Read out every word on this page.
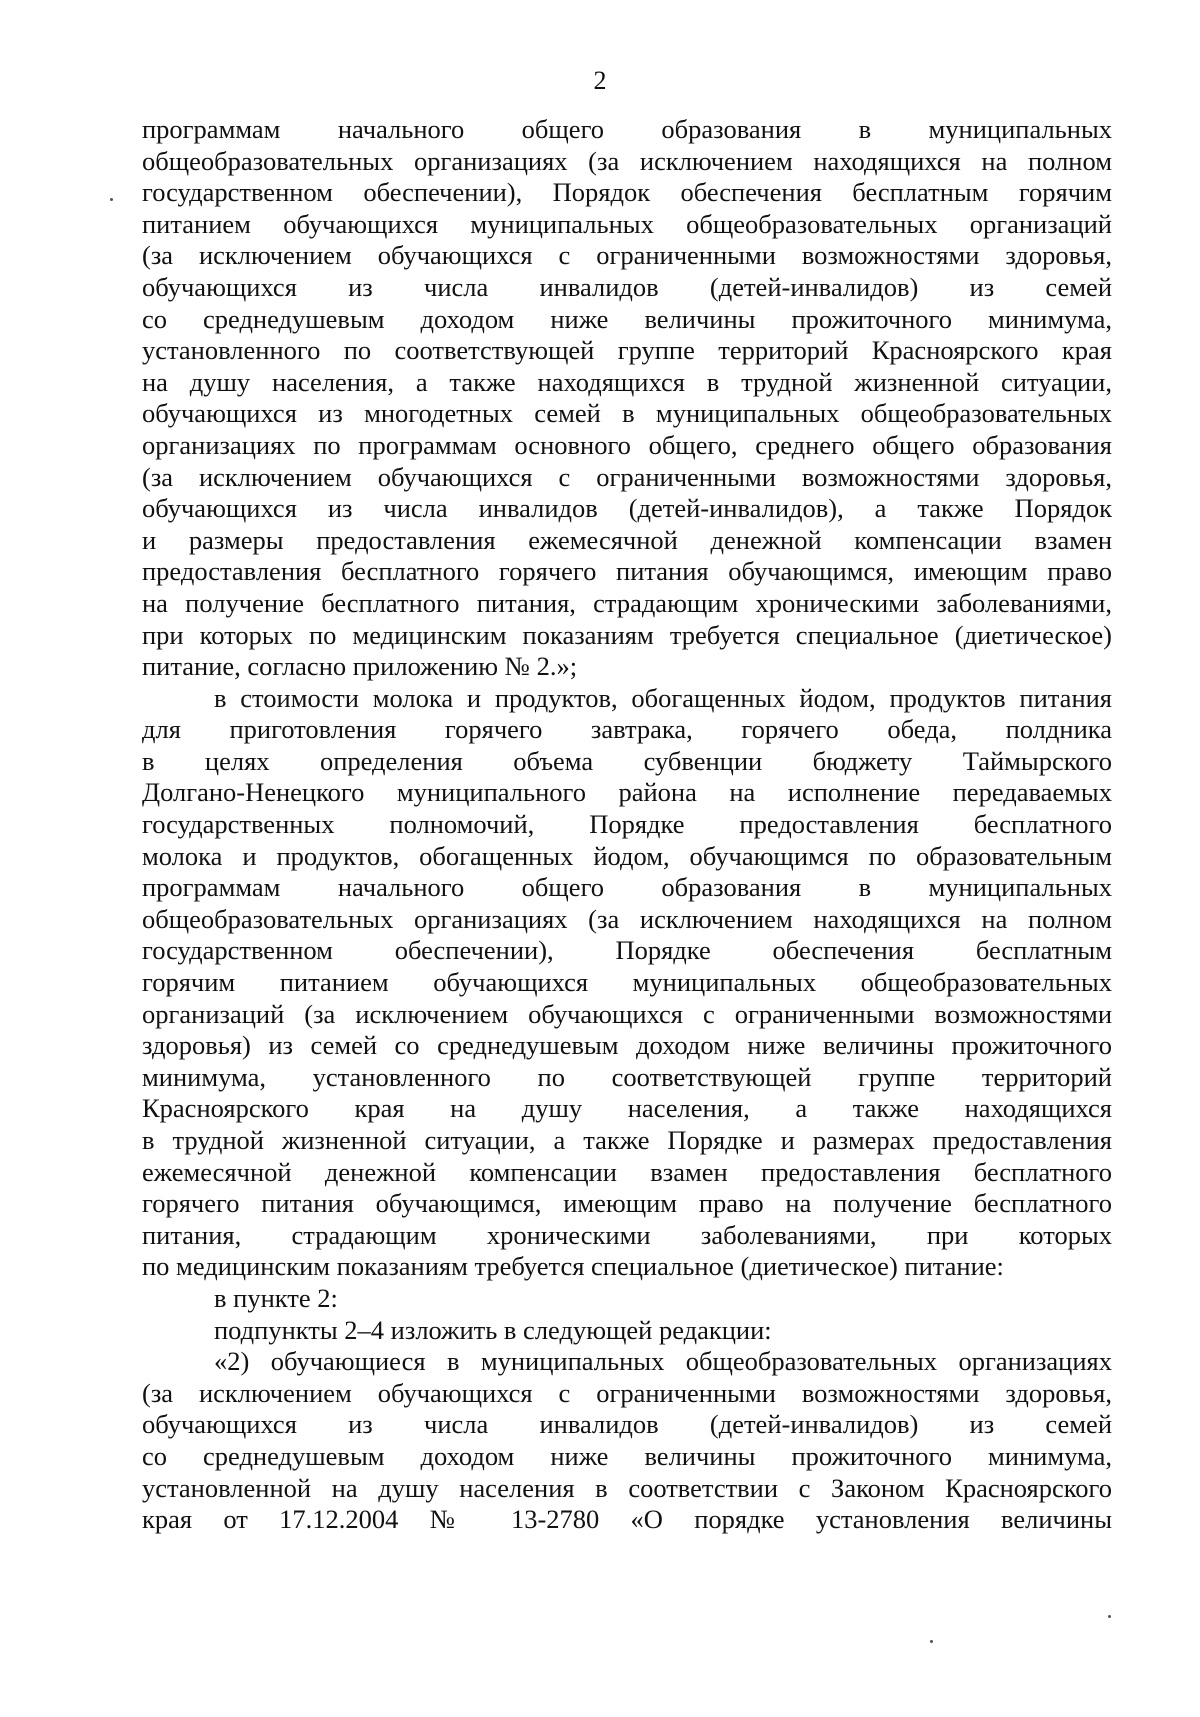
2
программам начального общего образования в муниципальных
общеобразовательных организациях (за исключением находящихся на полном
государственном обеспечении), Порядок обеспечения бесплатным горячим
питанием обучающихся муниципальных общеобразовательных организаций
(за исключением обучающихся с ограниченными возможностями здоровья,
обучающихся из числа инвалидов (детей-инвалидов) из семей
со среднедушевым доходом ниже величины прожиточного минимума,
установленного по соответствующей группе территорий Красноярского края
на душу населения, а также находящихся в трудной жизненной ситуации,
обучающихся из многодетных семей в муниципальных общеобразовательных
организациях по программам основного общего, среднего общего образования
(за исключением обучающихся с ограниченными возможностями здоровья,
обучающихся из числа инвалидов (детей-инвалидов), а также Порядок
и размеры предоставления ежемесячной денежной компенсации взамен
предоставления бесплатного горячего питания обучающимся, имеющим право
на получение бесплатного питания, страдающим хроническими заболеваниями,
при которых по медицинским показаниям требуется специальное (диетическое)
питание, согласно приложению № 2.»;
в стоимости молока и продуктов, обогащенных йодом, продуктов питания
для приготовления горячего завтрака, горячего обеда, полдника
в целях определения объема субвенции бюджету Таймырского
Долгано-Ненецкого муниципального района на исполнение передаваемых
государственных полномочий, Порядке предоставления бесплатного
молока и продуктов, обогащенных йодом, обучающимся по образовательным
программам начального общего образования в муниципальных
общеобразовательных организациях (за исключением находящихся на полном
государственном обеспечении), Порядке обеспечения бесплатным
горячим питанием обучающихся муниципальных общеобразовательных
организаций (за исключением обучающихся с ограниченными возможностями
здоровья) из семей со среднедушевым доходом ниже величины прожиточного
минимума, установленного по соответствующей группе территорий
Красноярского края на душу населения, а также находящихся
в трудной жизненной ситуации, а также Порядке и размерах предоставления
ежемесячной денежной компенсации взамен предоставления бесплатного
горячего питания обучающимся, имеющим право на получение бесплатного
питания, страдающим хроническими заболеваниями, при которых
по медицинским показаниям требуется специальное (диетическое) питание:
в пункте 2:
подпункты 2–4 изложить в следующей редакции:
«2) обучающиеся в муниципальных общеобразовательных организациях
(за исключением обучающихся с ограниченными возможностями здоровья,
обучающихся из числа инвалидов (детей-инвалидов) из семей
со среднедушевым доходом ниже величины прожиточного минимума,
установленной на душу населения в соответствии с Законом Красноярского
края от 17.12.2004 № 13-2780 «О порядке установления величины
